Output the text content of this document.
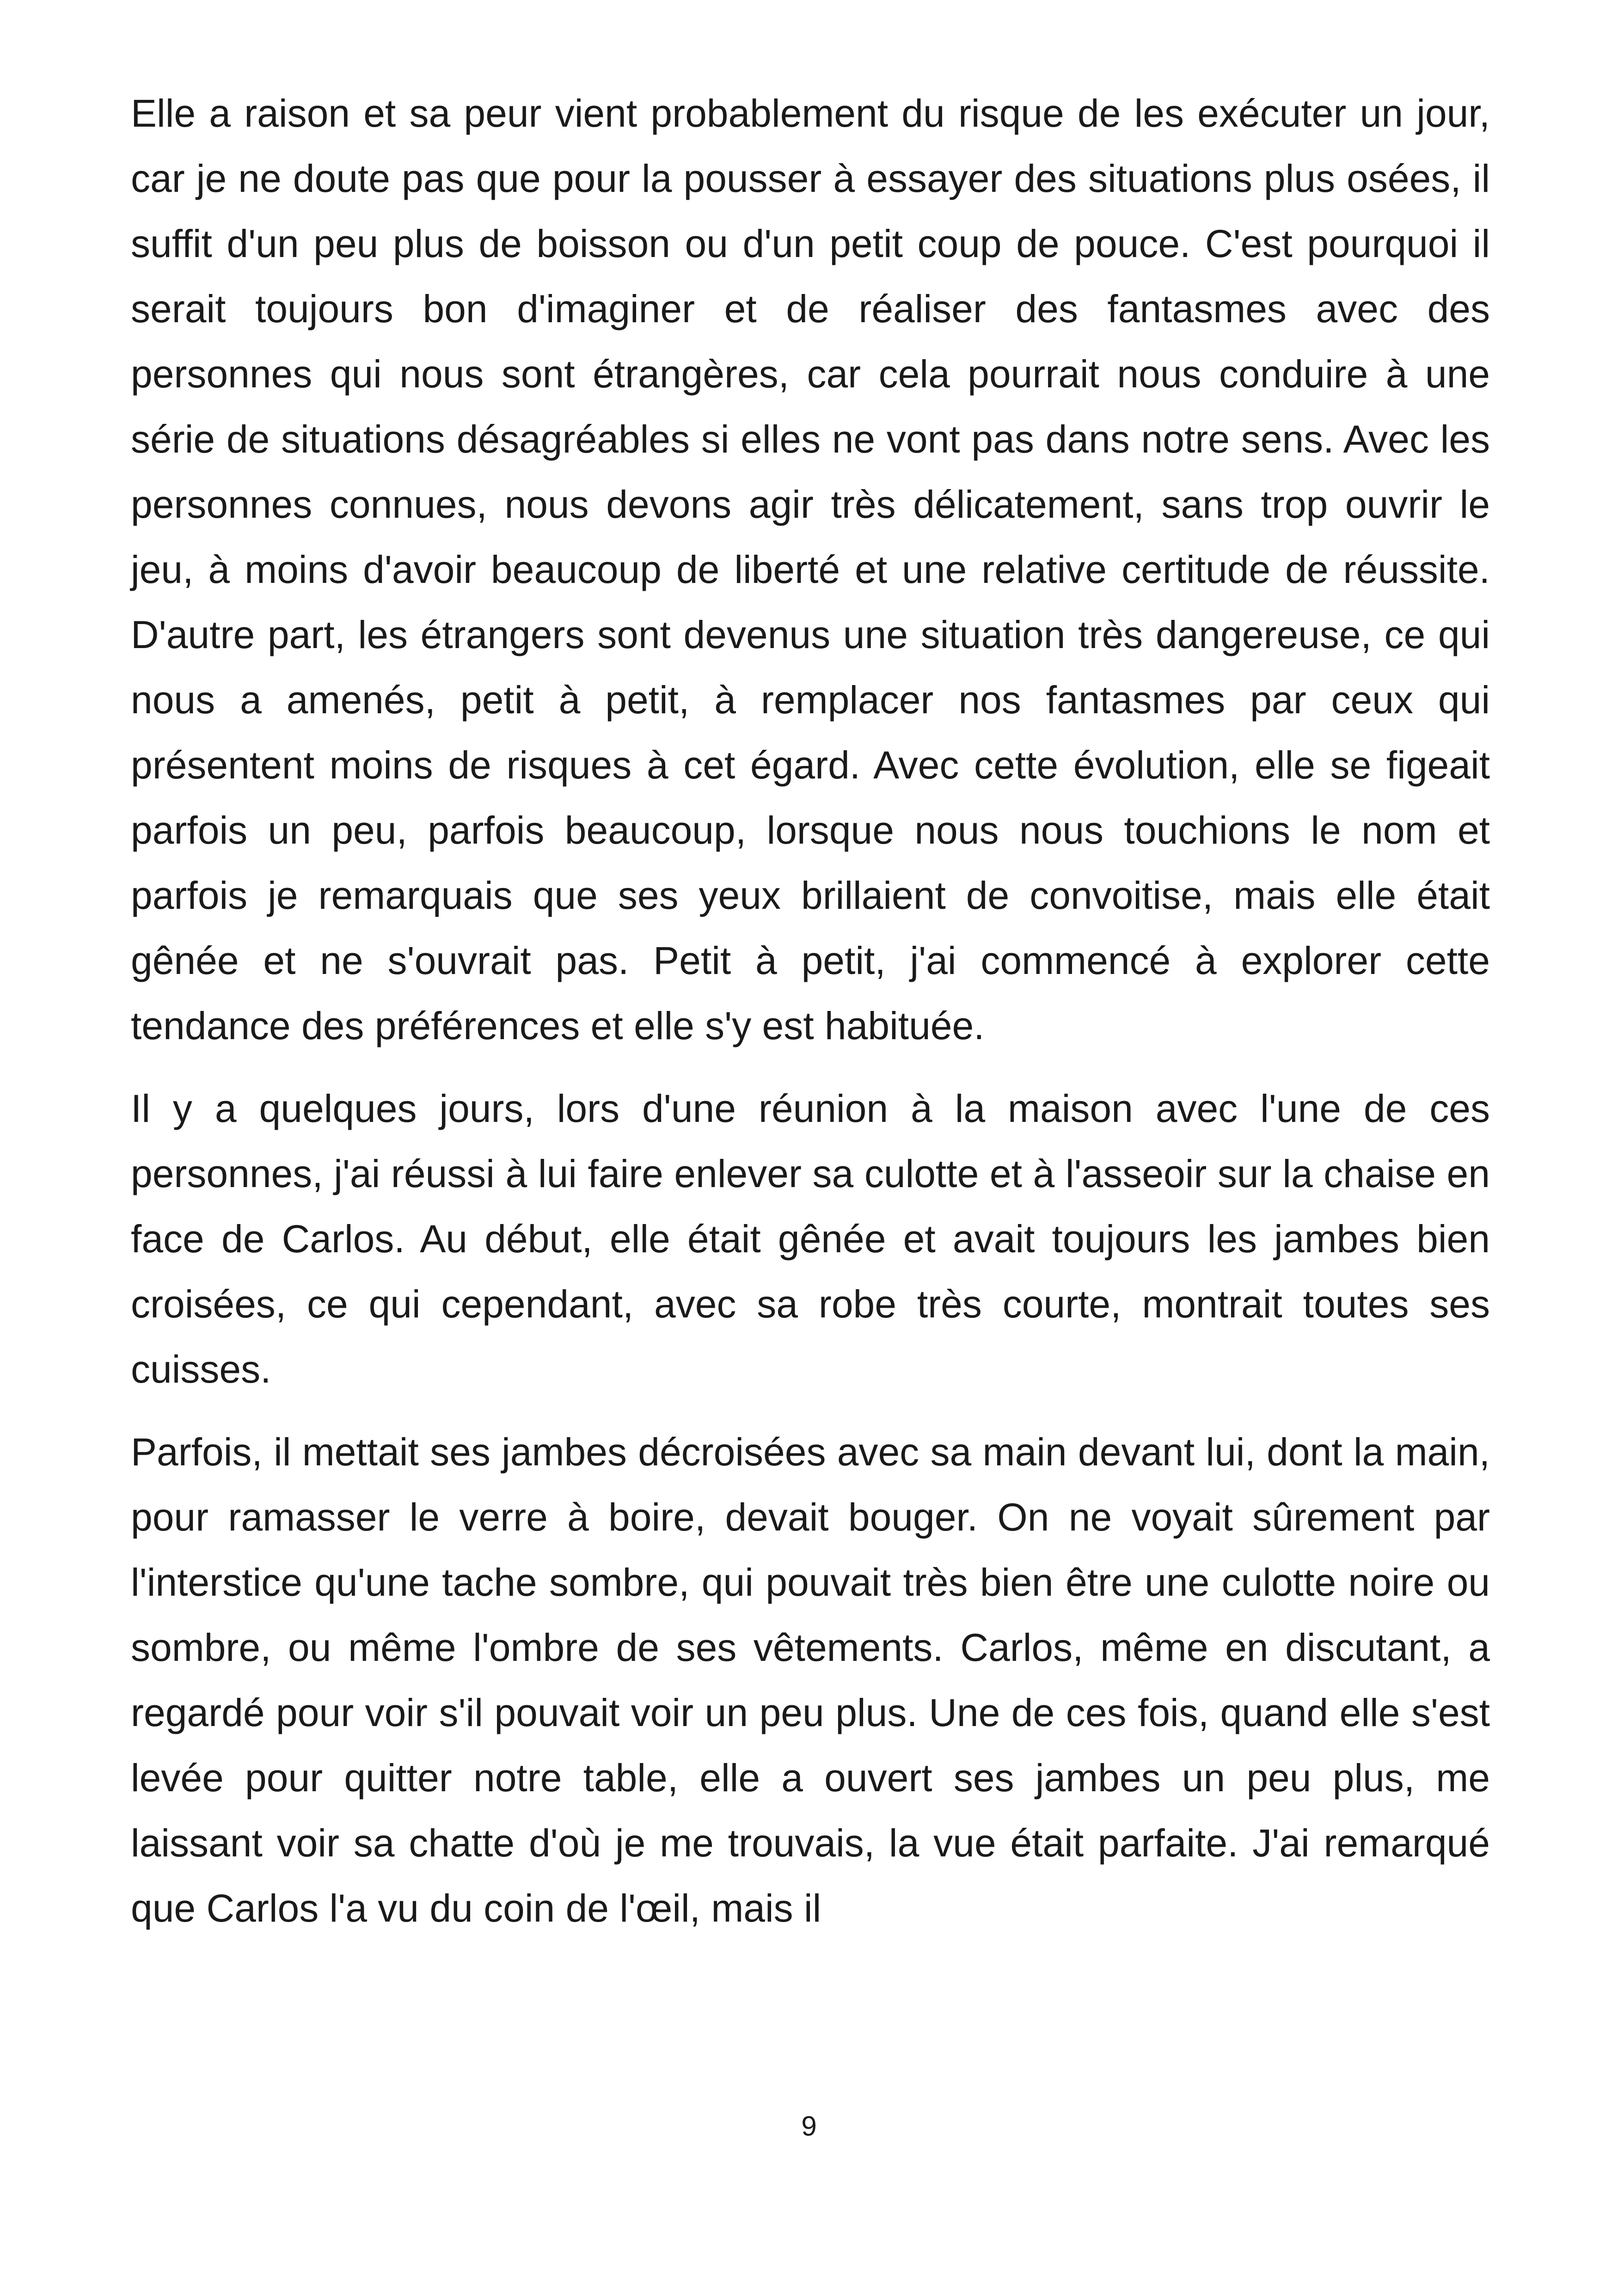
Elle a raison et sa peur vient probablement du risque de les exécuter un jour, car je ne doute pas que pour la pousser à essayer des situations plus osées, il suffit d'un peu plus de boisson ou d'un petit coup de pouce. C'est pourquoi il serait toujours bon d'imaginer et de réaliser des fantasmes avec des personnes qui nous sont étrangères, car cela pourrait nous conduire à une série de situations désagréables si elles ne vont pas dans notre sens. Avec les personnes connues, nous devons agir très délicatement, sans trop ouvrir le jeu, à moins d'avoir beaucoup de liberté et une relative certitude de réussite. D'autre part, les étrangers sont devenus une situation très dangereuse, ce qui nous a amenés, petit à petit, à remplacer nos fantasmes par ceux qui présentent moins de risques à cet égard. Avec cette évolution, elle se figeait parfois un peu, parfois beaucoup, lorsque nous nous touchions le nom et parfois je remarquais que ses yeux brillaient de convoitise, mais elle était gênée et ne s'ouvrait pas. Petit à petit, j'ai commencé à explorer cette tendance des préférences et elle s'y est habituée.

Il y a quelques jours, lors d'une réunion à la maison avec l'une de ces personnes, j'ai réussi à lui faire enlever sa culotte et à l'asseoir sur la chaise en face de Carlos. Au début, elle était gênée et avait toujours les jambes bien croisées, ce qui cependant, avec sa robe très courte, montrait toutes ses cuisses.

Parfois, il mettait ses jambes décroisées avec sa main devant lui, dont la main, pour ramasser le verre à boire, devait bouger. On ne voyait sûrement par l'interstice qu'une tache sombre, qui pouvait très bien être une culotte noire ou sombre, ou même l'ombre de ses vêtements. Carlos, même en discutant, a regardé pour voir s'il pouvait voir un peu plus. Une de ces fois, quand elle s'est levée pour quitter notre table, elle a ouvert ses jambes un peu plus, me laissant voir sa chatte d'où je me trouvais, la vue était parfaite. J'ai remarqué que Carlos l'a vu du coin de l'œil, mais il

9
